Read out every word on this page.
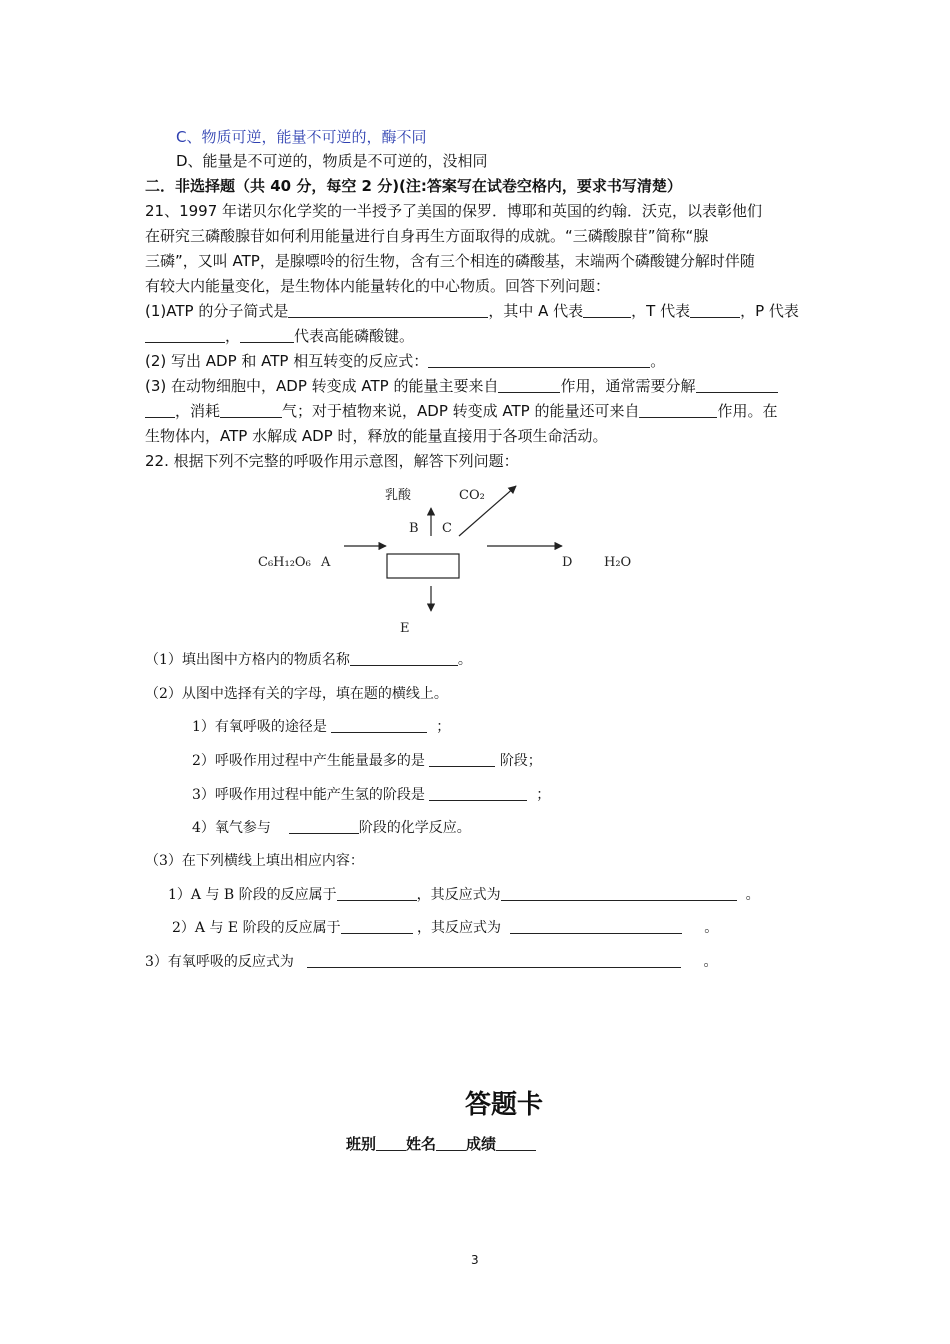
C、物质可逆，能量不可逆的，酶不同
D、能量是不可逆的，物质是不可逆的，没相同
二．非选择题（共 40 分，每空 2 分)(注:答案写在试卷空格内，要求书写清楚）
21、1997 年诺贝尔化学奖的一半授予了美国的保罗．博耶和英国的约翰．沃克，以表彰他们
在研究三磷酸腺苷如何利用能量进行自身再生方面取得的成就。“三磷酸腺苷”简称“腺
三磷”，又叫 ATP，是腺嘌呤的衍生物，含有三个相连的磷酸基，末端两个磷酸键分解时伴随
有较大内能量变化，是生物体内能量转化的中心物质。回答下列问题：
(1)ATP 的分子简式是	，其中 A 代表	，T 代表	，P 代表
，	代表高能磷酸键。
(2) 写出 ADP 和 ATP 相互转变的反应式：	。
(3) 在动物细胞中，ADP 转变成 ATP 的能量主要来自	作用，通常需要分解
，消耗	气；对于植物来说，ADP 转变成 ATP 的能量还可来自	作用。在
生物体内，ATP 水解成 ADP 时，释放的能量直接用于各项生命活动。
22. 根据下列不完整的呼吸作用示意图，解答下列问题：
乳酸	CO₂
B C
C₆H₁₂O₆ A	D H₂O
E
（1）填出图中方格内的物质名称	。
（2）从图中选择有关的字母，填在题的横线上。
1）有氧呼吸的途径是	；
2）呼吸作用过程中产生能量最多的是	阶段；
3）呼吸作用过程中能产生氢的阶段是	；
4）氧气参与	阶段的化学反应。
（3）在下列横线上填出相应内容：
1）A 与 B 阶段的反应属于	，其反应式为	。
2）A 与 E 阶段的反应属于	，其反应式为	。
3）有氧呼吸的反应式为	。
答题卡
班别 姓名 成绩
3
